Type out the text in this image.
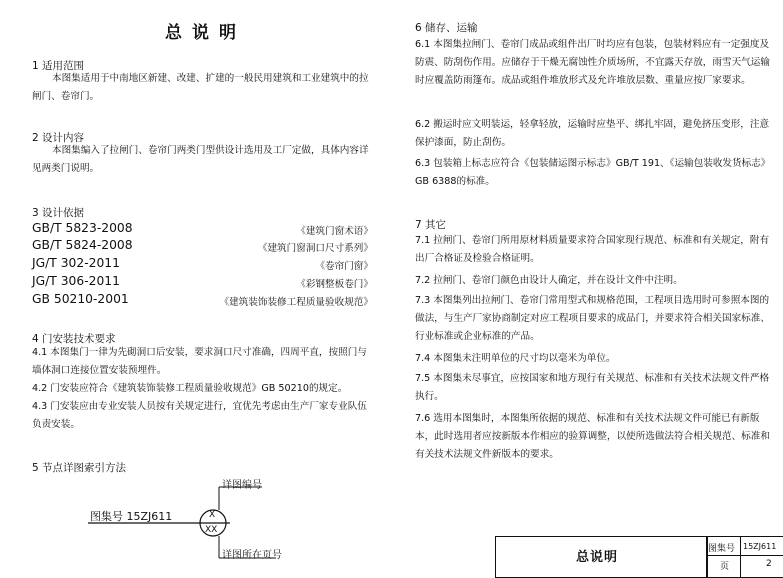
总说明
1 适用范围
本图集适用于中南地区新建、改建、扩建的一般民用建筑和工业建筑中的拉闸门、卷帘门。
2 设计内容
本图集编入了拉闸门、卷帘门两类门型供设计选用及工厂定做，具体内容详见两类门说明。
3 设计依据
GB/T 5823-2008	《建筑门窗术语》
GB/T 5824-2008	《建筑门窗洞口尺寸系列》
JG/T 302-2011	《卷帘门窗》
JG/T 306-2011	《彩钢整板卷门》
GB 50210-2001	《建筑装饰装修工程质量验收规范》
4 门安装技术要求
4.1 本图集门一律为先砌洞口后安装，要求洞口尺寸准确，四周平直，按照门与墙体洞口连接位置安装预埋件。
4.2 门安装应符合《建筑装饰装修工程质量验收规范》GB 50210的规定。
4.3 门安装应由专业安装人员按有关规定进行，宜优先考虑由生产厂家专业队伍负责安装。
5 节点详图索引方法
详图编号
图集号 15ZJ611	X
XX
详图所在页号
6 储存、运输
6.1 本图集拉闸门、卷帘门成品或组件出厂时均应有包装，包装材料应有一定强度及防震、防刮伤作用。应储存于干燥无腐蚀性介质场所，不宜露天存放，雨雪天气运输时应覆盖防雨篷布。成品或组件堆放形式及允许堆放层数、重量应按厂家要求。
6.2 搬运时应文明装运，轻拿轻放，运输时应垫平、绑扎牢固，避免挤压变形，注意保护漆面，防止刮伤。
6.3 包装箱上标志应符合《包装储运图示标志》GB/T 191、《运输包装收发货标志》GB 6388的标准。
7 其它
7.1 拉闸门、卷帘门所用原材料质量要求符合国家现行规范、标准和有关规定，附有出厂合格证及检验合格证明。
7.2 拉闸门、卷帘门颜色由设计人确定，并在设计文件中注明。
7.3 本图集列出拉闸门、卷帘门常用型式和规格范围，工程项目选用时可参照本图的做法，与生产厂家协商制定对应工程项目要求的成品门，并要求符合相关国家标准、行业标准或企业标准的产品。
7.4 本图集未注明单位的尺寸均以毫米为单位。
7.5 本图集未尽事宜，应按国家和地方现行有关规范、标准和有关技术法规文件严格执行。
7.6 选用本图集时，本图集所依据的规范、标准和有关技术法规文件可能已有新版本，此时选用者应按新版本作相应的验算调整，以使所选做法符合相关规范、标准和有关技术法规文件新版本的要求。
总说明
图集号 15ZJ611
页	2
